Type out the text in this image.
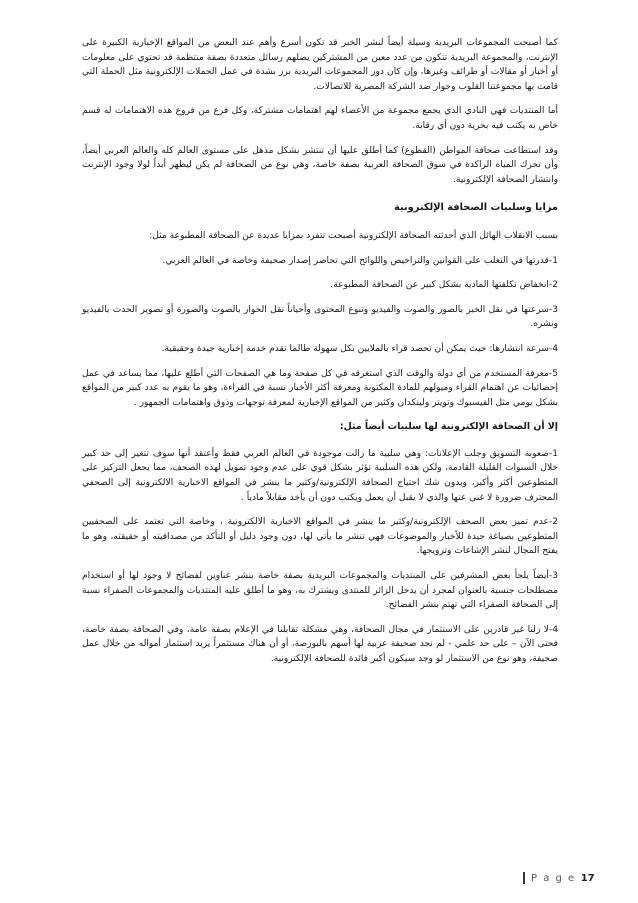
كما أصبحت المجموعات البريدية وسيلة أيضاً لنشر الخبر قد تكون أسرع وأهم عند البعض من المواقع الإخبارية الكبيرة على الإنترنت، والمجموعة البريدية تتكون من عدد معين من المشتركين يصلهم رسائل متعددة بصفة منتظمة قد تحتوي على معلومات أو أخبار أو مقالات أو طرائف وغيرها، وإن كان دور المجموعات البريدية برز بشدة في عمل الحملات الإلكترونية مثل الحملة التي قامت بها مجموعتنا القلوب وحوار ضد الشركة المصرية للاتصالات.

أما المنتديات فهي النادي الذي يجمع مجموعة من الأعضاء لهم اهتمامات مشتركة، وكل فرع من فروع هذه الاهتمامات له قسم خاص به يكتب فيه بحرية دون أي رقابة.

وقد استطاعت صحافة المواطن (القطوع) كما أطلق عليها أن تنتشر بشكل مذهل على مستوى العالم كله والعالم العربي أيضاً، وأن تحرك المياه الراكدة في سوق الصحافة العربية بصفة خاصة، وهي نوع من الصحافة لم يكن ليظهر أبداً لولا وجود الإنترنت وانتشار الصحافة الإلكترونية.

مزايا وسلبيات الصحافة الإلكترونية

بسبب الانقلاب الهائل الذي أحدثته الصحافة الإلكترونية أصبحت تتفرد بمزايا عديدة عن الصحافة المطبوعة مثل:

1-قدرتها في التغلب على القوانين والتراخيص واللوائح التي تحاصر إصدار صحيفة وخاصة في العالم العربي.

2-انخفاض تكلفتها المادية بشكل كبير عن الصحافة المطبوعة.

3-سرعتها في نقل الخبر بالصور والصوت والفيديو وتنوع المحتوى وأحياناً نقل الحوار بالصوت والصورة أو تصوير الحدث بالفيديو ونشره.

4-سرعة انتشارها: حيث يمكن أن تحصد قراء بالملايين بكل سهولة طالما تقدم خدمة إخبارية جيدة وحقيقية.

5-معرفة المستخدم من أي دولة والوقت الذي استغرقه في كل صفحة وما هي الصفحات التي أطلع عليها، مما يساعد في عمل إحصائيات عن اهتمام القراء وميولهم للمادة المكتوبة ومعرفة أكثر الأخبار نسبة في القراءة، وهو ما يقوم به عدد كبير من المواقع بشكل يومي مثل الفيسبوك وتويتر ولينكدان وكثير من المواقع الإخبارية لمعرفة توجهات وذوق واهتمامات الجمهور .

إلا أن الصحافة الإلكترونية لها سلبيات أيضاً مثل:

1-صعوبة التسويق وجلب الإعلانات: وهي سلبية ما زالت موجودة في العالم العربي فقط وأعتقد أنها سوف تتغير إلى حد كبير خلال السنوات القليلة القادمة، ولكن هذه السلبية تؤثر بشكل قوي على عدم وجود تمويل لهذه الصحف، مما يجعل التركيز على المتطوعين أكثر وأكبر، وبدون شك احتياج الصحافة الإلكترونية/وكثير ما ينشر في المواقع الاخبارية الالكترونية إلى الصحفي المحترف ضرورة لا غنى عنها والذي لا يقبل أن يعمل ويكتب دون أن يأخذ مقابلاً مادياً .

2-عدم تميز بعض الصحف الإلكترونية/وكثير ما ينشر في المواقع الاخبارية الالكترونية ، وخاصة التي تعتمد على الصحفيين المتطوعين بصياغة جيدة للأخبار والموضوعات فهي تنشر ما يأتي لها، دون وجود دليل أو التأكد من مصداقيته أو حقيقته، وهو ما يفتح المجال لنشر الإشاعات وترويجها.

3-أيضاً يلجأ بعض المشرفين على المنتديات والمجموعات البريدية بصفة خاصة بنشر عناوين لفضائح لا وجود لها أو استخدام مصطلحات جنسية بالعنوان لمجرد أن يدخل الزائر للمنتدى ويشترك به، وهو ما أطلق عليه المنتديات والمجموعات الصفراء نسبة إلى الصحافة الصفراء التي تهتم بنشر الفضائح.

4-لا زلنا غير قادرين على الاستثمار في مجال الصحافة، وهي مشكلة تقابلنا في الإعلام بصفة عامة، وفي الصحافة بصفة خاصة، فحتى الآن – على حد علمي - لم نجد صحيفة عربية لها أسهم بالبورصة، أو أن هناك مستثمراً يريد استثمار أمواله من خلال عمل صحيفة، وهو نوع من الاستثمار لو وجد سيكون أكبر فائدة للصحافة الإلكترونية.

P a g e 17
